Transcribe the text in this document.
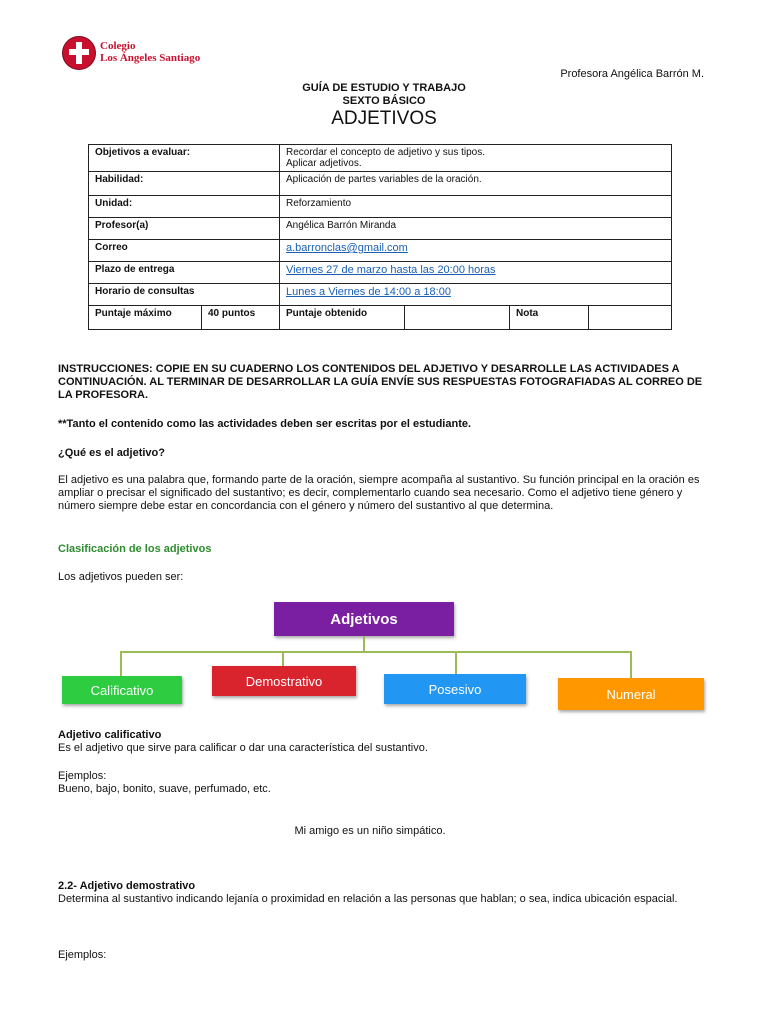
Colegio
Los Ángeles Santiago
Profesora Angélica Barrón M.
GUÍA DE ESTUDIO Y TRABAJO
SEXTO BÁSICO
ADJETIVOS
Objetivos a evaluar:		Recordar el concepto de adjetivo y sus tipos.
Aplicar adjetivos.			

Habilidad:		Aplicación de partes variables de la oración.			
Unidad:		Reforzamiento			
Profesor(a)		Angélica Barrón Miranda			
Correo		a.barronclas@gmail.com			
Plazo de entrega		Viernes 27 de marzo hasta las 20:00 horas			
Horario de consultas		Lunes a Viernes de 14:00 a 18:00			
Puntaje máximo	40 puntos	Puntaje obtenido		Nota	
INSTRUCCIONES: COPIE EN SU CUADERNO LOS CONTENIDOS DEL ADJETIVO Y DESARROLLE LAS ACTIVIDADES A CONTINUACIÓN. AL TERMINAR DE DESARROLLAR LA GUÍA ENVÍE SUS RESPUESTAS FOTOGRAFIADAS AL CORREO DE LA PROFESORA.
**Tanto el contenido como las actividades deben ser escritas por el estudiante.
¿Qué es el adjetivo?
El adjetivo es una palabra que, formando parte de la oración, siempre acompaña al sustantivo. Su función principal en la oración es ampliar o precisar el significado del sustantivo; es decir, complementarlo cuando sea necesario. Como el adjetivo tiene género y número siempre debe estar en concordancia con el género y número del sustantivo al que determina.
Clasificación de los adjetivos
Los adjetivos pueden ser:
Adjetivos
Calificativo
Demostrativo
Posesivo	Numeral
Adjetivo calificativo
Es el adjetivo que sirve para calificar o dar una característica del sustantivo.
Ejemplos:
Bueno, bajo, bonito, suave, perfumado, etc.
Mi amigo es un niño simpático.
2.2- Adjetivo demostrativo
Determina al sustantivo indicando lejanía o proximidad en relación a las personas que hablan; o sea, indica ubicación espacial.
Ejemplos:
